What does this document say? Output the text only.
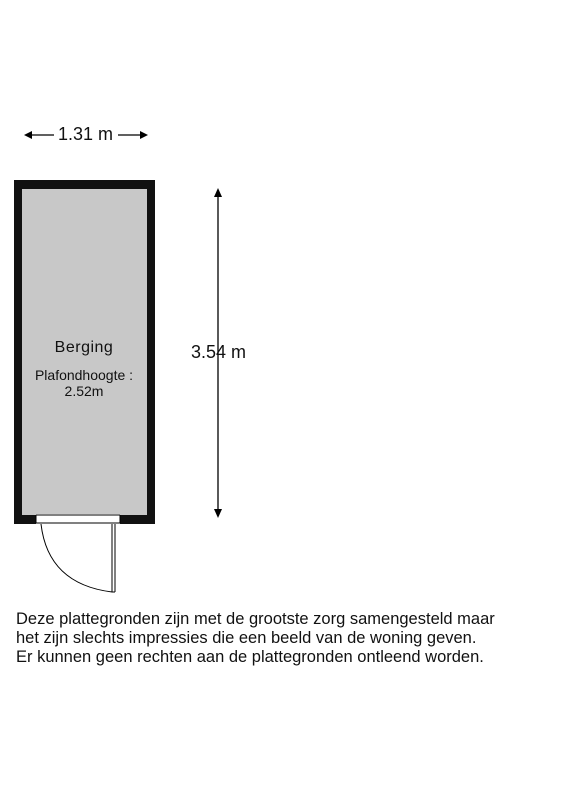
1.31 m
3.54 m
Berging
Plafondhoogte :
2.52m
Deze plattegronden zijn met de grootste zorg samengesteld maar
het zijn slechts impressies die een beeld van de woning geven.
Er kunnen geen rechten aan de plattegronden ontleend worden.
